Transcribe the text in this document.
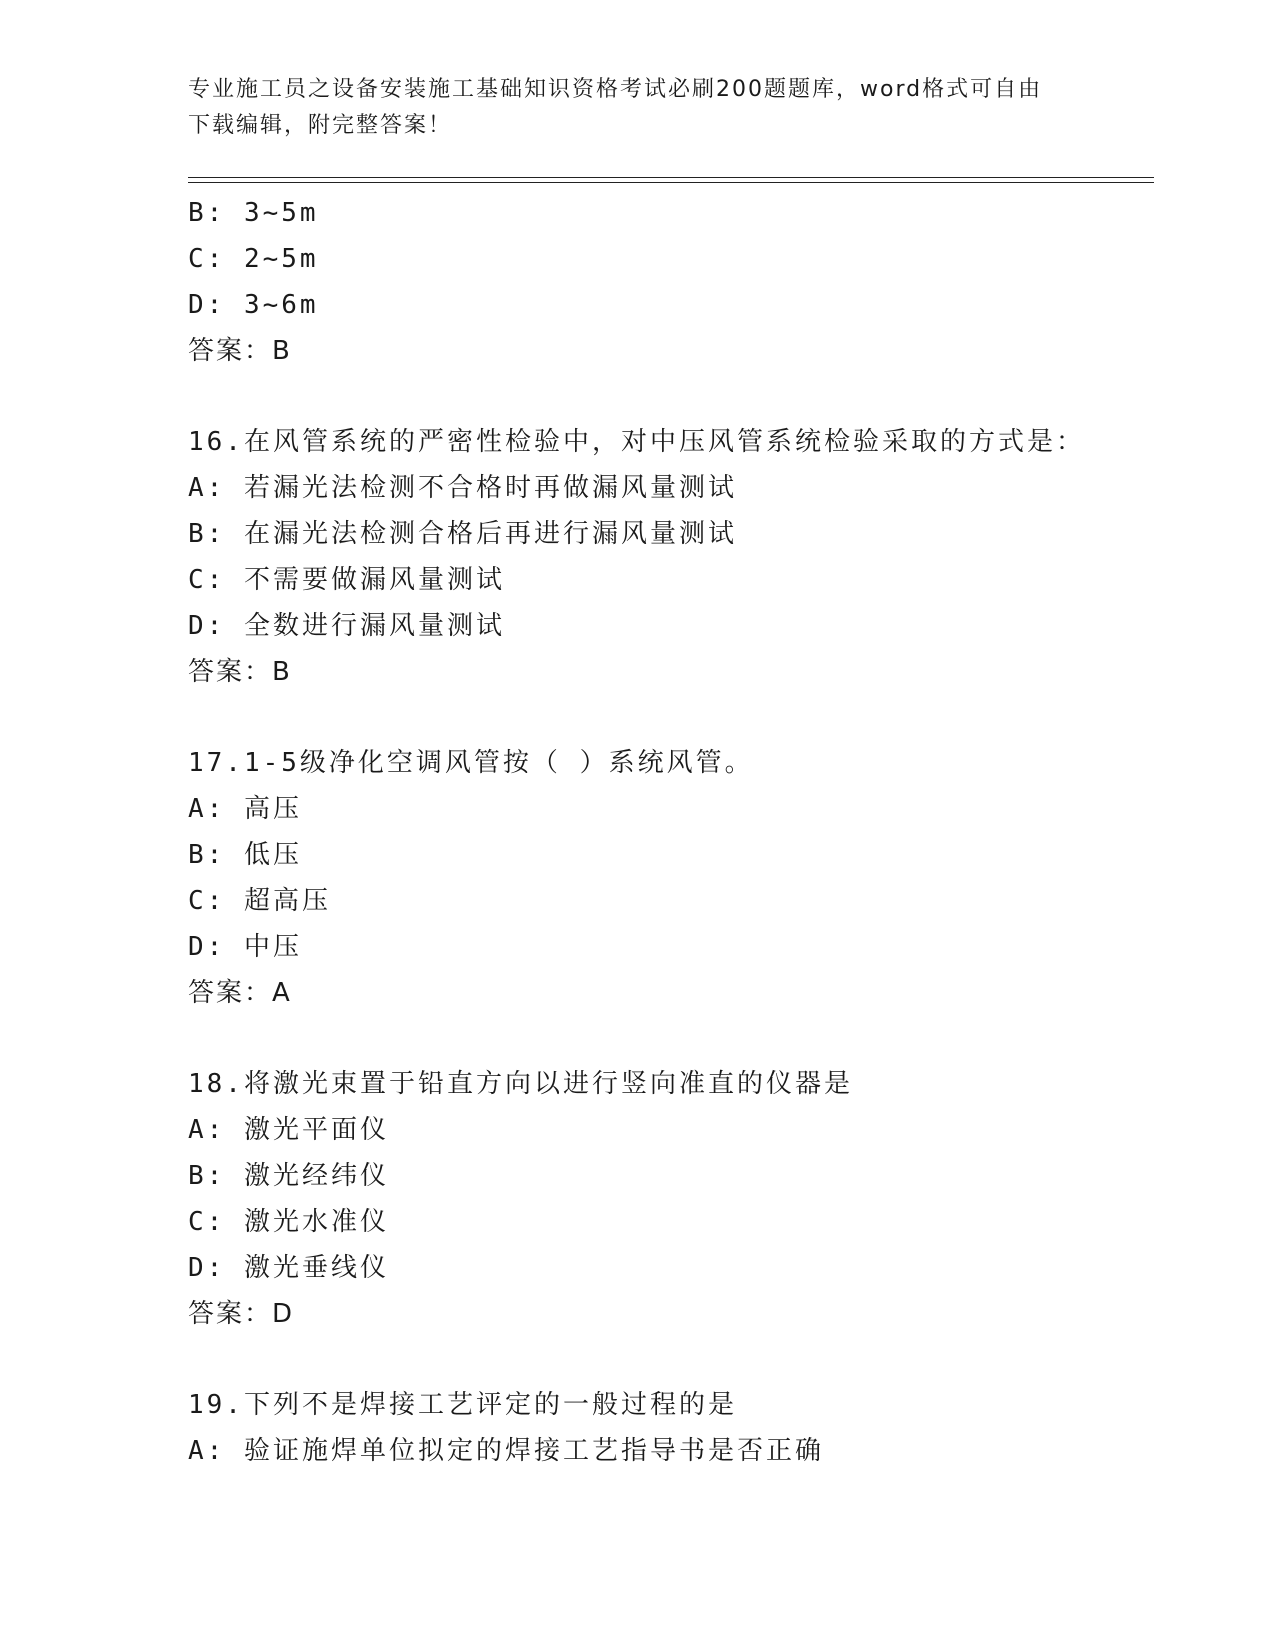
专业施工员之设备安装施工基础知识资格考试必刷200题题库，word格式可自由
下载编辑，附完整答案！
B: 3~5m
C: 2~5m
D: 3~6m
答案：B
16.在风管系统的严密性检验中，对中压风管系统检验采取的方式是：
A: 若漏光法检测不合格时再做漏风量测试
B: 在漏光法检测合格后再进行漏风量测试
C: 不需要做漏风量测试
D: 全数进行漏风量测试
答案：B
17.1-5级净化空调风管按（ ）系统风管。
A: 高压
B: 低压
C: 超高压
D: 中压
答案：A
18.将激光束置于铅直方向以进行竖向准直的仪器是
A: 激光平面仪
B: 激光经纬仪
C: 激光水准仪
D: 激光垂线仪
答案：D
19.下列不是焊接工艺评定的一般过程的是
A: 验证施焊单位拟定的焊接工艺指导书是否正确
